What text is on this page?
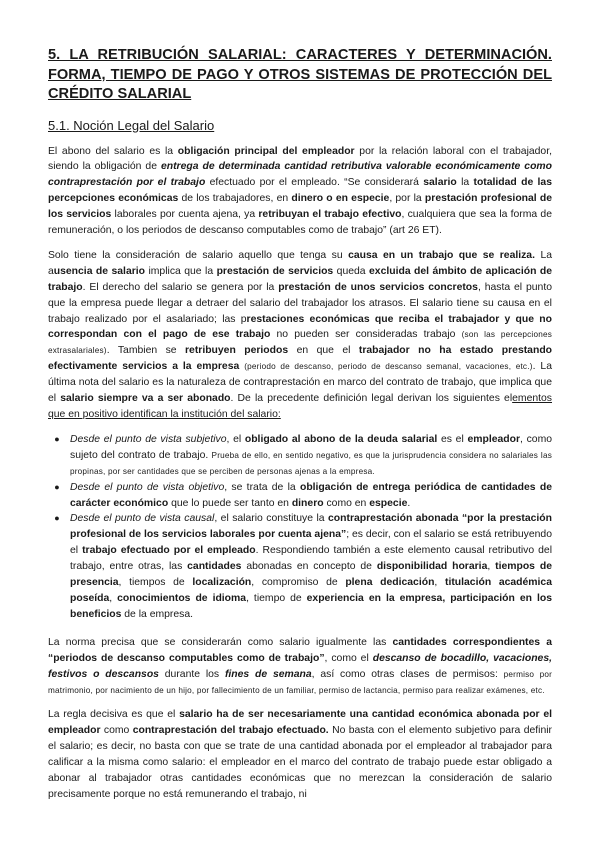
5. LA RETRIBUCIÓN SALARIAL: CARACTERES Y DETERMINACIÓN. FORMA, TIEMPO DE PAGO Y OTROS SISTEMAS DE PROTECCIÓN DEL CRÉDITO SALARIAL
5.1. Noción Legal del Salario

El abono del salario es la obligación principal del empleador por la relación laboral con el trabajador, siendo la obligación de entrega de determinada cantidad retributiva valorable económicamente como contraprestación por el trabajo efectuado por el empleado. “Se considerará salario la totalidad de las percepciones económicas de los trabajadores, en dinero o en especie, por la prestación profesional de los servicios laborales por cuenta ajena, ya retribuyan el trabajo efectivo, cualquiera que sea la forma de remuneración, o los periodos de descanso computables como de trabajo” (art 26 ET).

Solo tiene la consideración de salario aquello que tenga su causa en un trabajo que se realiza. La ausencia de salario implica que la prestación de servicios queda excluida del ámbito de aplicación de trabajo. El derecho del salario se genera por la prestación de unos servicios concretos, hasta el punto que la empresa puede llegar a detraer del salario del trabajador los atrasos. El salario tiene su causa en el trabajo realizado por el asalariado; las prestaciones económicas que reciba el trabajador y que no correspondan con el pago de ese trabajo no pueden ser consideradas trabajo (son las percepciones extrasalariales). Tambien se retribuyen periodos en que el trabajador no ha estado prestando efectivamente servicios a la empresa (periodo de descanso, periodo de descanso semanal, vacaciones, etc.). La última nota del salario es la naturaleza de contraprestación en marco del contrato de trabajo, que implica que el salario siempre va a ser abonado. De la precedente definición legal derivan los siguientes elementos que en positivo identifican la institución del salario:

● Desde el punto de vista subjetivo, el obligado al abono de la deuda salarial es el empleador, como sujeto del contrato de trabajo. Prueba de ello, en sentido negativo, es que la jurisprudencia considera no salariales las propinas, por ser cantidades que se perciben de personas ajenas a la empresa.
● Desde el punto de vista objetivo, se trata de la obligación de entrega periódica de cantidades de carácter económico que lo puede ser tanto en dinero como en especie.
● Desde el punto de vista causal, el salario constituye la contraprestación abonada “por la prestación profesional de los servicios laborales por cuenta ajena”; es decir, con el salario se está retribuyendo el trabajo efectuado por el empleado. Respondiendo también a este elemento causal retributivo del trabajo, entre otras, las cantidades abonadas en concepto de disponibilidad horaria, tiempos de presencia, tiempos de localización, compromiso de plena dedicación, titulación académica poseída, conocimientos de idioma, tiempo de experiencia en la empresa, participación en los beneficios de la empresa.

La norma precisa que se considerarán como salario igualmente las cantidades correspondientes a “periodos de descanso computables como de trabajo”, como el descanso de bocadillo, vacaciones, festivos o descansos durante los fines de semana, así como otras clases de permisos: permiso por matrimonio, por nacimiento de un hijo, por fallecimiento de un familiar, permiso de lactancia, permiso para realizar exámenes, etc.

La regla decisiva es que el salario ha de ser necesariamente una cantidad económica abonada por el empleador como contraprestación del trabajo efectuado. No basta con el elemento subjetivo para definir el salario; es decir, no basta con que se trate de una cantidad abonada por el empleador al trabajador para calificar a la misma como salario: el empleador en el marco del contrato de trabajo puede estar obligado a abonar al trabajador otras cantidades económicas que no merezcan la consideración de salario precisamente porque no está remunerando el trabajo, ni
